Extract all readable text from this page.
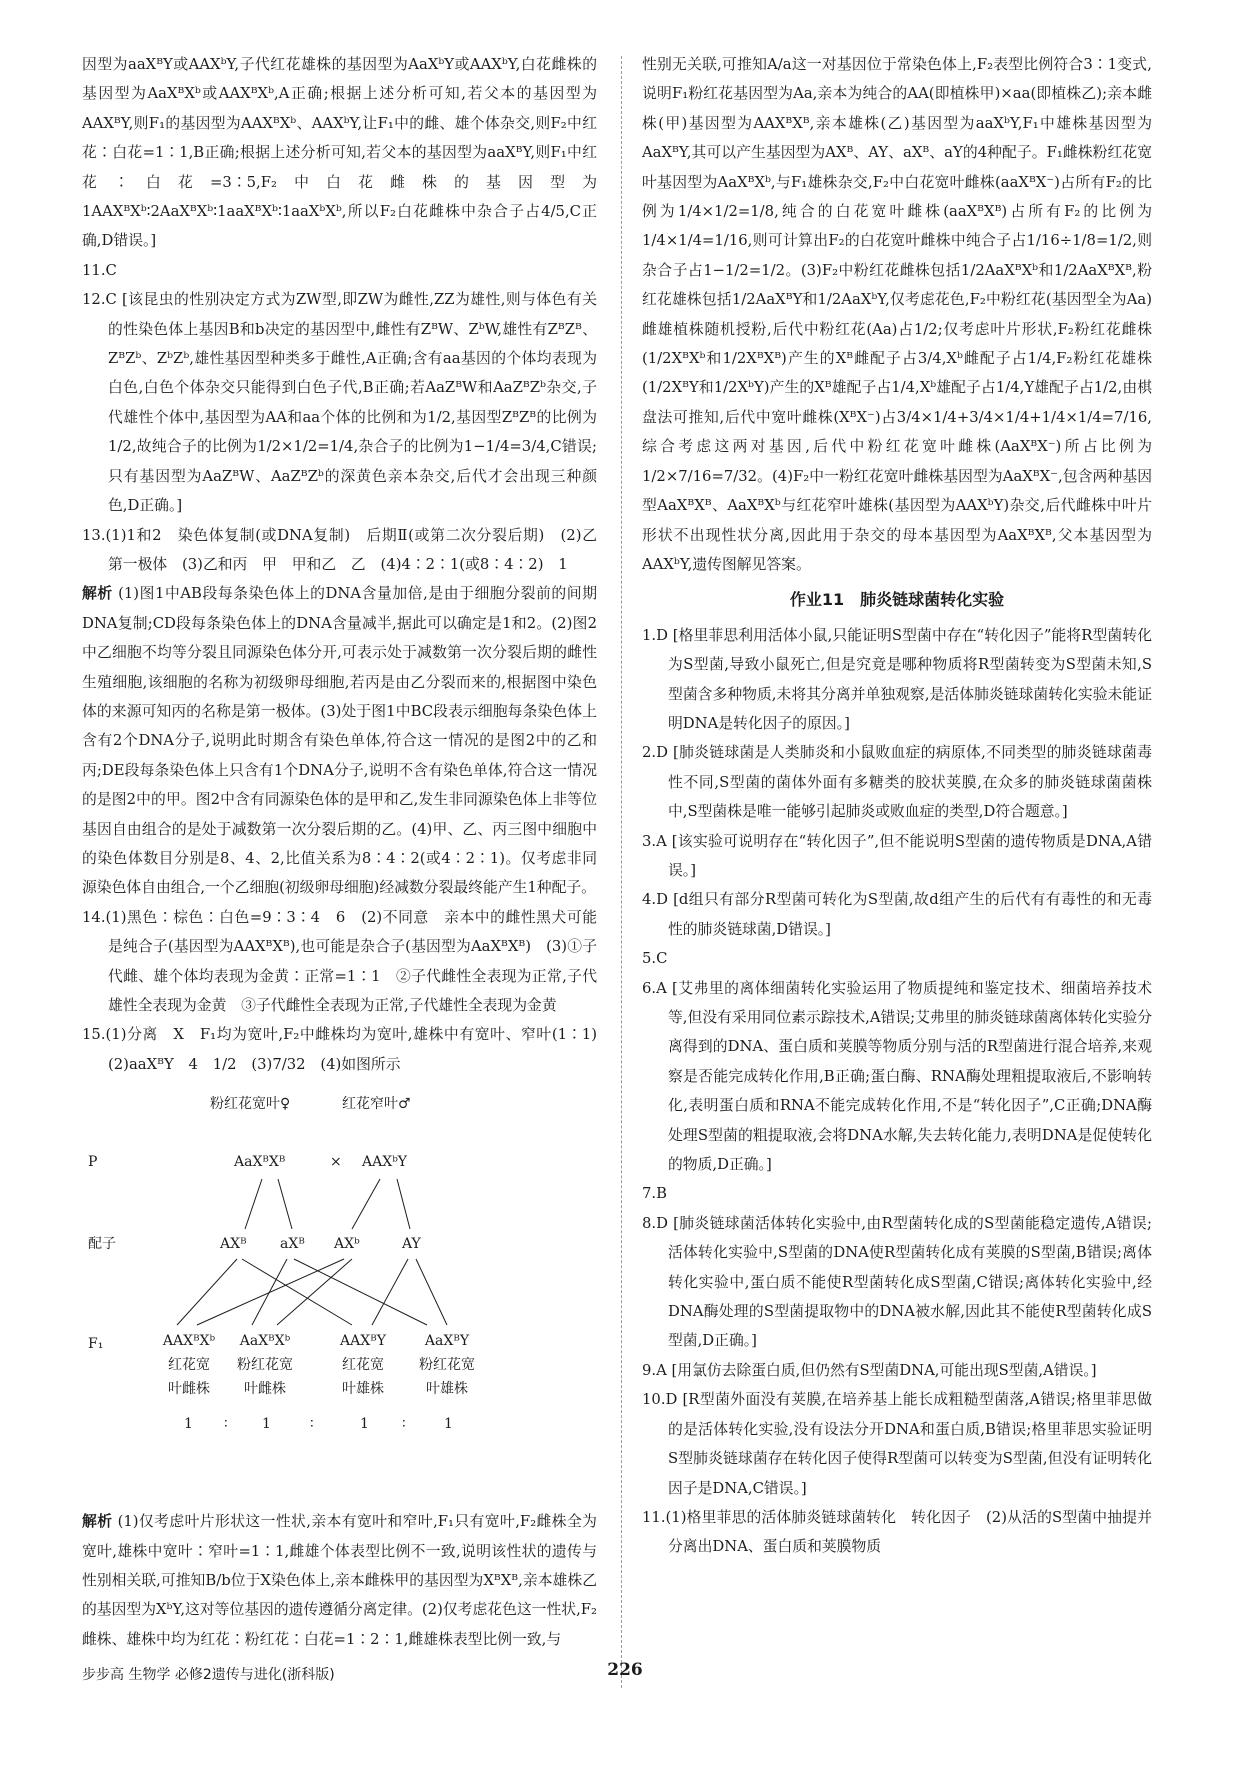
因型为aaXᴮY或AAXᵇY,子代红花雄株的基因型为AaXᵇY或AAXᵇY,白花雌株的基因型为AaXᴮXᵇ或AAXᴮXᵇ,A正确;根据上述分析可知,若父本的基因型为AAXᴮY,则F₁的基因型为AAXᴮXᵇ、AAXᵇY,让F₁中的雌、雄个体杂交,则F₂中红花∶白花=1∶1,B正确;根据上述分析可知,若父本的基因型为aaXᴮY,则F₁中红花∶白花=3∶5,F₂中白花雌株的基因型为1AAXᴮXᵇ∶2AaXᴮXᵇ∶1aaXᴮXᵇ∶1aaXᵇXᵇ,所以F₂白花雌株中杂合子占4/5,C正确,D错误。]

11.C

12.C [该昆虫的性别决定方式为ZW型,即ZW为雌性,ZZ为雄性,则与体色有关的性染色体上基因B和b决定的基因型中,雌性有ZᴮW、ZᵇW,雄性有ZᴮZᴮ、ZᴮZᵇ、ZᵇZᵇ,雄性基因型种类多于雌性,A正确;含有aa基因的个体均表现为白色,白色个体杂交只能得到白色子代,B正确;若AaZᴮW和AaZᴮZᵇ杂交,子代雄性个体中,基因型为AA和aa个体的比例和为1/2,基因型ZᴮZᴮ的比例为1/2,故纯合子的比例为1/2×1/2=1/4,杂合子的比例为1−1/4=3/4,C错误;只有基因型为AaZᴮW、AaZᴮZᵇ的深黄色亲本杂交,后代才会出现三种颜色,D正确。]

13.(1)1和2　染色体复制(或DNA复制)　后期Ⅱ(或第二次分裂后期)　(2)乙　第一极体　(3)乙和丙　甲　甲和乙　乙　(4)4∶2∶1(或8∶4∶2)　1

解析 (1)图1中AB段每条染色体上的DNA含量加倍,是由于细胞分裂前的间期DNA复制;CD段每条染色体上的DNA含量减半,据此可以确定是1和2。(2)图2中乙细胞不均等分裂且同源染色体分开,可表示处于减数第一次分裂后期的雌性生殖细胞,该细胞的名称为初级卵母细胞,若丙是由乙分裂而来的,根据图中染色体的来源可知丙的名称是第一极体。(3)处于图1中BC段表示细胞每条染色体上含有2个DNA分子,说明此时期含有染色单体,符合这一情况的是图2中的乙和丙;DE段每条染色体上只含有1个DNA分子,说明不含有染色单体,符合这一情况的是图2中的甲。图2中含有同源染色体的是甲和乙,发生非同源染色体上非等位基因自由组合的是处于减数第一次分裂后期的乙。(4)甲、乙、丙三图中细胞中的染色体数目分别是8、4、2,比值关系为8∶4∶2(或4∶2∶1)。仅考虑非同源染色体自由组合,一个乙细胞(初级卵母细胞)经减数分裂最终能产生1种配子。

14.(1)黑色∶棕色∶白色=9∶3∶4　6　(2)不同意　亲本中的雌性黑犬可能是纯合子(基因型为AAXᴮXᴮ),也可能是杂合子(基因型为AaXᴮXᴮ)　(3)①子代雌、雄个体均表现为金黄∶正常=1∶1　②子代雌性全表现为正常,子代雄性全表现为金黄　③子代雌性全表现为正常,子代雄性全表现为金黄

15.(1)分离　X　F₁均为宽叶,F₂中雌株均为宽叶,雄株中有宽叶、窄叶(1∶1)　(2)aaXᴮY　4　1/2　(3)7/32　(4)如图所示

粉红花宽叶♀	红花窄叶♂
P	AaXᴮXᴮ	× AAXᵇY
配子	AXᴮ aXᴮ AXᵇ	AY
F₁	AAXᴮXᵇ
红花宽
叶雌株
AaXᴮXᵇ
粉红花宽
叶雌株
AAXᴮY
红花宽
叶雄株
AaXᴮY
粉红花宽
叶雄株
1 ∶ 1	∶	1 ∶	1

解析 (1)仅考虑叶片形状这一性状,亲本有宽叶和窄叶,F₁只有宽叶,F₂雌株全为宽叶,雄株中宽叶∶窄叶=1∶1,雌雄个体表型比例不一致,说明该性状的遗传与性别相关联,可推知B/b位于X染色体上,亲本雌株甲的基因型为XᴮXᴮ,亲本雄株乙的基因型为XᵇY,这对等位基因的遗传遵循分离定律。(2)仅考虑花色这一性状,F₂雌株、雄株中均为红花∶粉红花∶白花=1∶2∶1,雌雄株表型比例一致,与

性别无关联,可推知A/a这一对基因位于常染色体上,F₂表型比例符合3∶1变式,说明F₁粉红花基因型为Aa,亲本为纯合的AA(即植株甲)×aa(即植株乙);亲本雌株(甲)基因型为AAXᴮXᴮ,亲本雄株(乙)基因型为aaXᵇY,F₁中雄株基因型为AaXᴮY,其可以产生基因型为AXᴮ、AY、aXᴮ、aY的4种配子。F₁雌株粉红花宽叶基因型为AaXᴮXᵇ,与F₁雄株杂交,F₂中白花宽叶雌株(aaXᴮX⁻)占所有F₂的比例为1/4×1/2=1/8,纯合的白花宽叶雌株(aaXᴮXᴮ)占所有F₂的比例为1/4×1/4=1/16,则可计算出F₂的白花宽叶雌株中纯合子占1/16÷1/8=1/2,则杂合子占1−1/2=1/2。(3)F₂中粉红花雌株包括1/2AaXᴮXᵇ和1/2AaXᴮXᴮ,粉红花雄株包括1/2AaXᴮY和1/2AaXᵇY,仅考虑花色,F₂中粉红花(基因型全为Aa)雌雄植株随机授粉,后代中粉红花(Aa)占1/2;仅考虑叶片形状,F₂粉红花雌株(1/2XᴮXᵇ和1/2XᴮXᴮ)产生的Xᴮ雌配子占3/4,Xᵇ雌配子占1/4,F₂粉红花雄株(1/2XᴮY和1/2XᵇY)产生的Xᴮ雄配子占1/4,Xᵇ雄配子占1/4,Y雄配子占1/2,由棋盘法可推知,后代中宽叶雌株(XᴮX⁻)占3/4×1/4+3/4×1/4+1/4×1/4=7/16,综合考虑这两对基因,后代中粉红花宽叶雌株(AaXᴮX⁻)所占比例为1/2×7/16=7/32。(4)F₂中一粉红花宽叶雌株基因型为AaXᴮX⁻,包含两种基因型AaXᴮXᴮ、AaXᴮXᵇ与红花窄叶雄株(基因型为AAXᵇY)杂交,后代雌株中叶片形状不出现性状分离,因此用于杂交的母本基因型为AaXᴮXᴮ,父本基因型为AAXᵇY,遗传图解见答案。

作业11　肺炎链球菌转化实验

1.D [格里菲思利用活体小鼠,只能证明S型菌中存在“转化因子”能将R型菌转化为S型菌,导致小鼠死亡,但是究竟是哪种物质将R型菌转变为S型菌未知,S型菌含多种物质,未将其分离并单独观察,是活体肺炎链球菌转化实验未能证明DNA是转化因子的原因。]

2.D [肺炎链球菌是人类肺炎和小鼠败血症的病原体,不同类型的肺炎链球菌毒性不同,S型菌的菌体外面有多糖类的胶状荚膜,在众多的肺炎链球菌菌株中,S型菌株是唯一能够引起肺炎或败血症的类型,D符合题意。]

3.A [该实验可说明存在“转化因子”,但不能说明S型菌的遗传物质是DNA,A错误。]

4.D [d组只有部分R型菌可转化为S型菌,故d组产生的后代有有毒性的和无毒性的肺炎链球菌,D错误。]

5.C

6.A [艾弗里的离体细菌转化实验运用了物质提纯和鉴定技术、细菌培养技术等,但没有采用同位素示踪技术,A错误;艾弗里的肺炎链球菌离体转化实验分离得到的DNA、蛋白质和荚膜等物质分别与活的R型菌进行混合培养,来观察是否能完成转化作用,B正确;蛋白酶、RNA酶处理粗提取液后,不影响转化,表明蛋白质和RNA不能完成转化作用,不是“转化因子”,C正确;DNA酶处理S型菌的粗提取液,会将DNA水解,失去转化能力,表明DNA是促使转化的物质,D正确。]

7.B

8.D [肺炎链球菌活体转化实验中,由R型菌转化成的S型菌能稳定遗传,A错误;活体转化实验中,S型菌的DNA使R型菌转化成有荚膜的S型菌,B错误;离体转化实验中,蛋白质不能使R型菌转化成S型菌,C错误;离体转化实验中,经DNA酶处理的S型菌提取物中的DNA被水解,因此其不能使R型菌转化成S型菌,D正确。]

9.A [用氯仿去除蛋白质,但仍然有S型菌DNA,可能出现S型菌,A错误。]

10.D [R型菌外面没有荚膜,在培养基上能长成粗糙型菌落,A错误;格里菲思做的是活体转化实验,没有设法分开DNA和蛋白质,B错误;格里菲思实验证明S型肺炎链球菌存在转化因子使得R型菌可以转变为S型菌,但没有证明转化因子是DNA,C错误。]

11.(1)格里菲思的活体肺炎链球菌转化　转化因子　(2)从活的S型菌中抽提并分离出DNA、蛋白质和荚膜物质

步步高 生物学 必修2遗传与进化(浙科版)	226
